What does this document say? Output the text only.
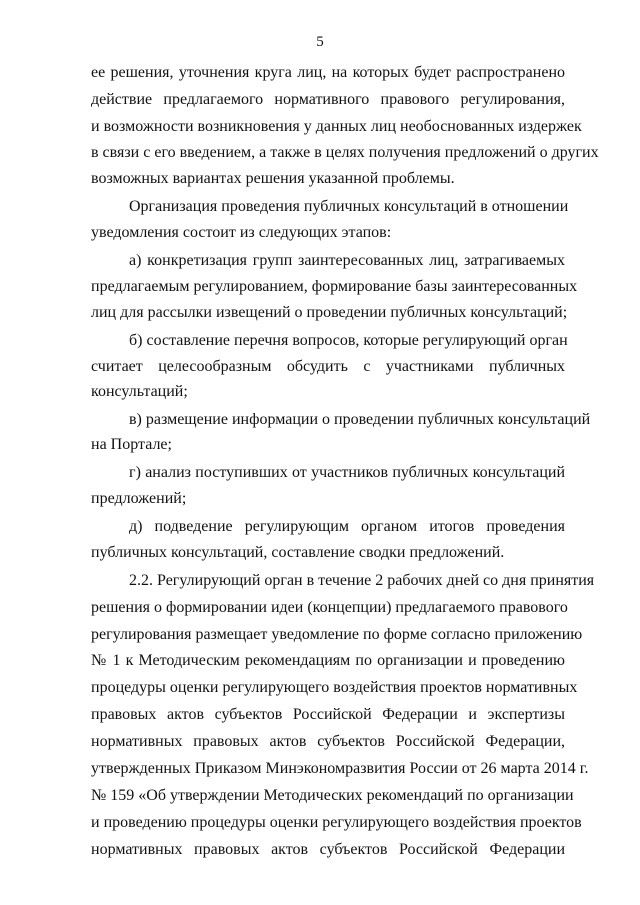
5
ее решения, уточнения круга лиц, на которых будет распространено
действие предлагаемого нормативного правового регулирования,
и возможности возникновения у данных лиц необоснованных издержек
в связи с его введением, а также в целях получения предложений о других
возможных вариантах решения указанной проблемы.
Организация проведения публичных консультаций в отношении
уведомления состоит из следующих этапов:
а) конкретизация групп заинтересованных лиц, затрагиваемых
предлагаемым регулированием, формирование базы заинтересованных
лиц для рассылки извещений о проведении публичных консультаций;
б) составление перечня вопросов, которые регулирующий орган
считает целесообразным обсудить с участниками публичных
консультаций;
в) размещение информации о проведении публичных консультаций
на Портале;
г) анализ поступивших от участников публичных консультаций
предложений;
д) подведение регулирующим органом итогов проведения
публичных консультаций, составление сводки предложений.
2.2. Регулирующий орган в течение 2 рабочих дней со дня принятия
решения о формировании идеи (концепции) предлагаемого правового
регулирования размещает уведомление по форме согласно приложению
№ 1 к Методическим рекомендациям по организации и проведению
процедуры оценки регулирующего воздействия проектов нормативных
правовых актов субъектов Российской Федерации и экспертизы
нормативных правовых актов субъектов Российской Федерации,
утвержденных Приказом Минэкономразвития России от 26 марта 2014 г.
№ 159 «Об утверждении Методических рекомендаций по организации
и проведению процедуры оценки регулирующего воздействия проектов
нормативных правовых актов субъектов Российской Федерации
